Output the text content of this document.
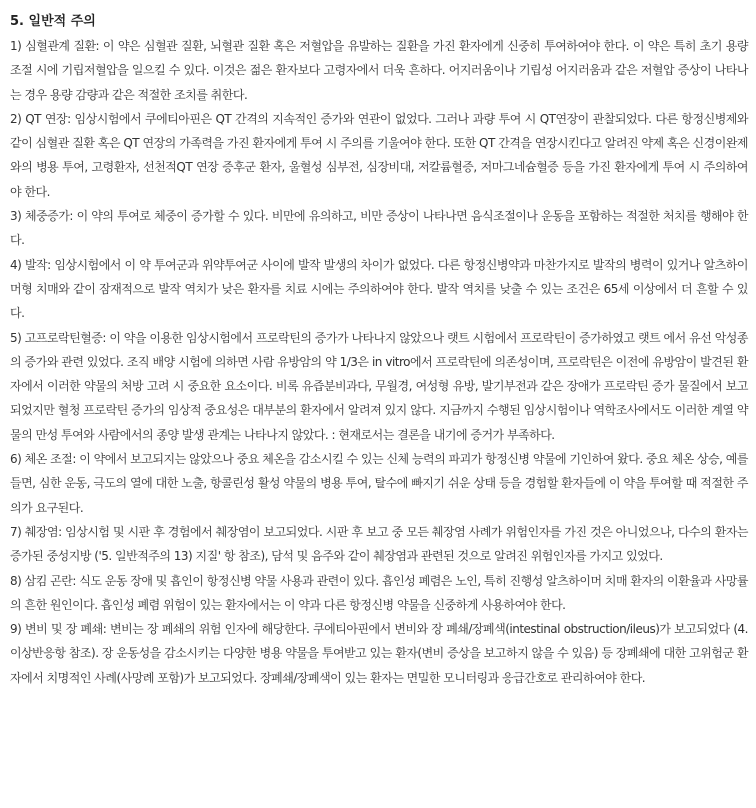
5. 일반적 주의

1) 심혈관계 질환: 이 약은 심혈관 질환, 뇌혈관 질환 혹은 저혈압을 유발하는 질환을 가진 환자에게 신중히 투여하여야 한다. 이 약은 특히 초기 용량 조절 시에 기립저혈압을 일으킬 수 있다. 이것은 젊은 환자보다 고령자에서 더욱 흔하다. 어지러움이나 기립성 어지러움과 같은 저혈압 증상이 나타나는 경우 용량 감량과 같은 적절한 조치를 취한다.

2) QT 연장: 임상시험에서 쿠에티아핀은 QT 간격의 지속적인 증가와 연관이 없었다. 그러나 과량 투여 시 QT연장이 관찰되었다. 다른 항정신병제와 같이 심혈관 질환 혹은 QT 연장의 가족력을 가진 환자에게 투여 시 주의를 기울여야 한다. 또한 QT 간격을 연장시킨다고 알려진 약제 혹은 신경이완제와의 병용 투여, 고령환자, 선천적QT 연장 증후군 환자, 울혈성 심부전, 심장비대, 저칼륨혈증, 저마그네슘혈증 등을 가진 환자에게 투여 시 주의하여야 한다.

3) 체중증가: 이 약의 투여로 체중이 증가할 수 있다. 비만에 유의하고, 비만 증상이 나타나면 음식조절이나 운동을 포함하는 적절한 처치를 행해야 한다.

4) 발작: 임상시험에서 이 약 투여군과 위약투여군 사이에 발작 발생의 차이가 없었다. 다른 항정신병약과 마찬가지로 발작의 병력이 있거나 알츠하이머형 치매와 같이 잠재적으로 발작 역치가 낮은 환자를 치료 시에는 주의하여야 한다. 발작 역치를 낮출 수 있는 조건은 65세 이상에서 더 흔할 수 있다.

5) 고프로락틴혈증: 이 약을 이용한 임상시험에서 프로락틴의 증가가 나타나지 않았으나 랫트 시험에서 프로락틴이 증가하였고 랫트 에서 유선 악성종의 증가와 관련 있었다. 조직 배양 시험에 의하면 사람 유방암의 약 1/3은 in vitro에서 프로락틴에 의존성이며, 프로락틴은 이전에 유방암이 발견된 환자에서 이러한 약물의 처방 고려 시 중요한 요소이다. 비록 유즙분비과다, 무월경, 여성형 유방, 발기부전과 같은 장애가 프로락틴 증가 물질에서 보고되었지만 혈청 프로락틴 증가의 임상적 중요성은 대부분의 환자에서 알려져 있지 않다. 지금까지 수행된 임상시험이나 역학조사에서도 이러한 계열 약물의 만성 투여와 사람에서의 종양 발생 관계는 나타나지 않았다. : 현재로서는 결론을 내기에 증거가 부족하다.

6) 체온 조절: 이 약에서 보고되지는 않았으나 중요 체온을 감소시킬 수 있는 신체 능력의 파괴가 항정신병 약물에 기인하여 왔다. 중요 체온 상승, 예를 들면, 심한 운동, 극도의 열에 대한 노출, 항콜린성 활성 약물의 병용 투여, 탈수에 빠지기 쉬운 상태 등을 경험할 환자들에 이 약을 투여할 때 적절한 주의가 요구된다.

7) 췌장염: 임상시험 및 시판 후 경험에서 췌장염이 보고되었다. 시판 후 보고 중 모든 췌장염 사례가 위험인자를 가진 것은 아니었으나, 다수의 환자는 증가된 중성지방 ('5. 일반적주의 13) 지질' 항 참조), 담석 및 음주와 같이 췌장염과 관련된 것으로 알려진 위험인자를 가지고 있었다.

8) 삼킴 곤란: 식도 운동 장애 및 흡인이 항정신병 약물 사용과 관련이 있다. 흡인성 폐렴은 노인, 특히 진행성 알츠하이머 치매 환자의 이환율과 사망률의 흔한 원인이다. 흡인성 폐렴 위험이 있는 환자에서는 이 약과 다른 항정신병 약물을 신중하게 사용하여야 한다.

9) 변비 및 장 폐쇄: 변비는 장 폐쇄의 위험 인자에 해당한다. 쿠에티아핀에서 변비와 장 폐쇄/장폐색(intestinal obstruction/ileus)가 보고되었다 (4.이상반응항 참조). 장 운동성을 감소시키는 다양한 병용 약물을 투여받고 있는 환자(변비 증상을 보고하지 않을 수 있음) 등 장폐쇄에 대한 고위험군 환자에서 치명적인 사례(사망례 포함)가 보고되었다. 장폐쇄/장폐색이 있는 환자는 면밀한 모니터링과 응급간호로 관리하여야 한다.
